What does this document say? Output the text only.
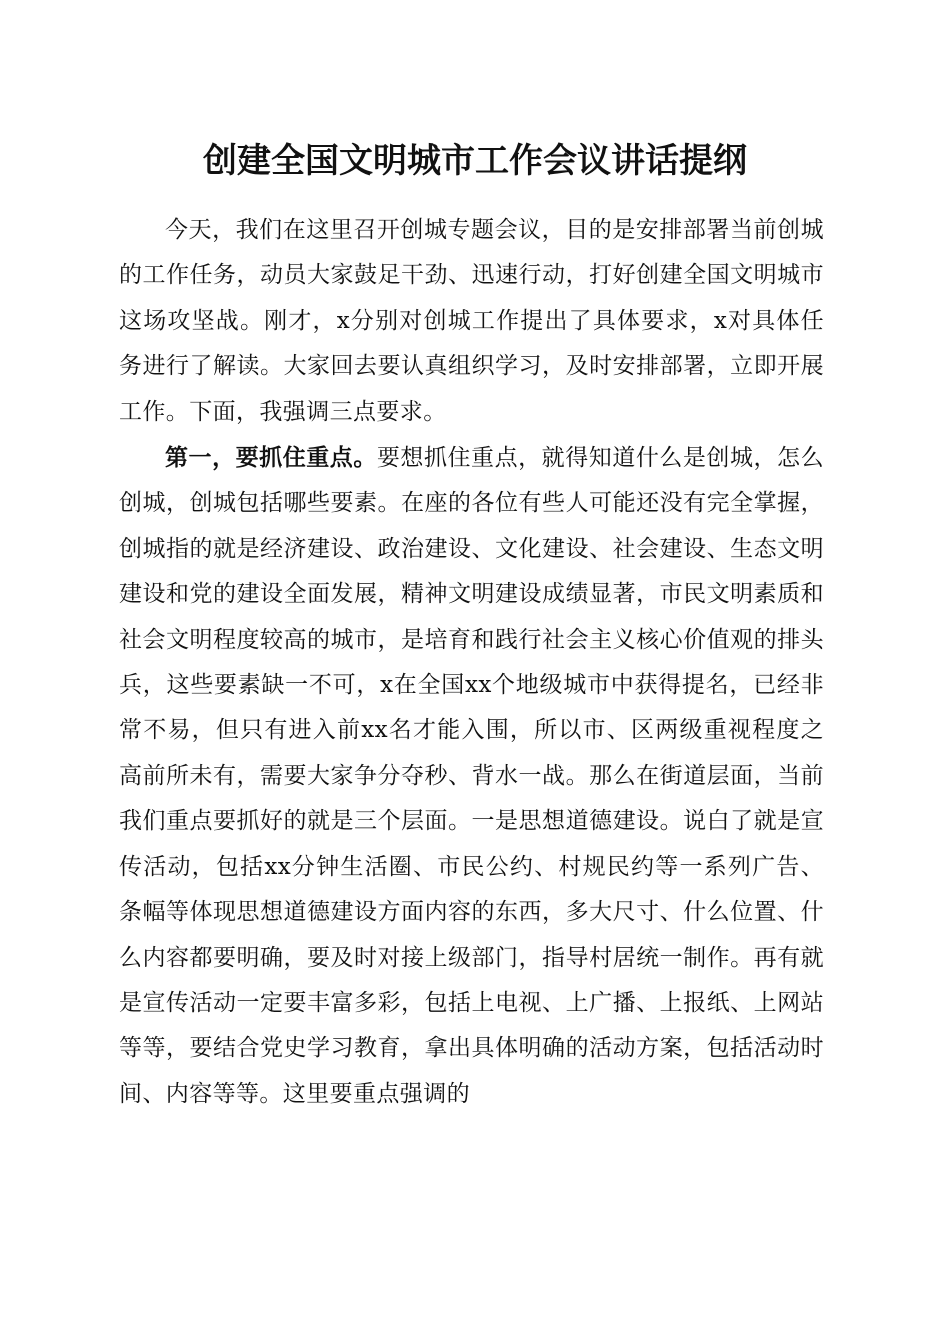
创建全国文明城市工作会议讲话提纲

今天，我们在这里召开创城专题会议，目的是安排部署当前创城的工作任务，动员大家鼓足干劲、迅速行动，打好创建全国文明城市这场攻坚战。刚才，x分别对创城工作提出了具体要求，x对具体任务进行了解读。大家回去要认真组织学习，及时安排部署，立即开展工作。下面，我强调三点要求。

第一，要抓住重点。要想抓住重点，就得知道什么是创城，怎么创城，创城包括哪些要素。在座的各位有些人可能还没有完全掌握，创城指的就是经济建设、政治建设、文化建设、社会建设、生态文明建设和党的建设全面发展，精神文明建设成绩显著，市民文明素质和社会文明程度较高的城市，是培育和践行社会主义核心价值观的排头兵，这些要素缺一不可，x在全国xx个地级城市中获得提名，已经非常不易，但只有进入前xx名才能入围，所以市、区两级重视程度之高前所未有，需要大家争分夺秒、背水一战。那么在街道层面，当前我们重点要抓好的就是三个层面。一是思想道德建设。说白了就是宣传活动，包括xx分钟生活圈、市民公约、村规民约等一系列广告、条幅等体现思想道德建设方面内容的东西，多大尺寸、什么位置、什么内容都要明确，要及时对接上级部门，指导村居统一制作。再有就是宣传活动一定要丰富多彩，包括上电视、上广播、上报纸、上网站等等，要结合党史学习教育，拿出具体明确的活动方案，包括活动时间、内容等等。这里要重点强调的
